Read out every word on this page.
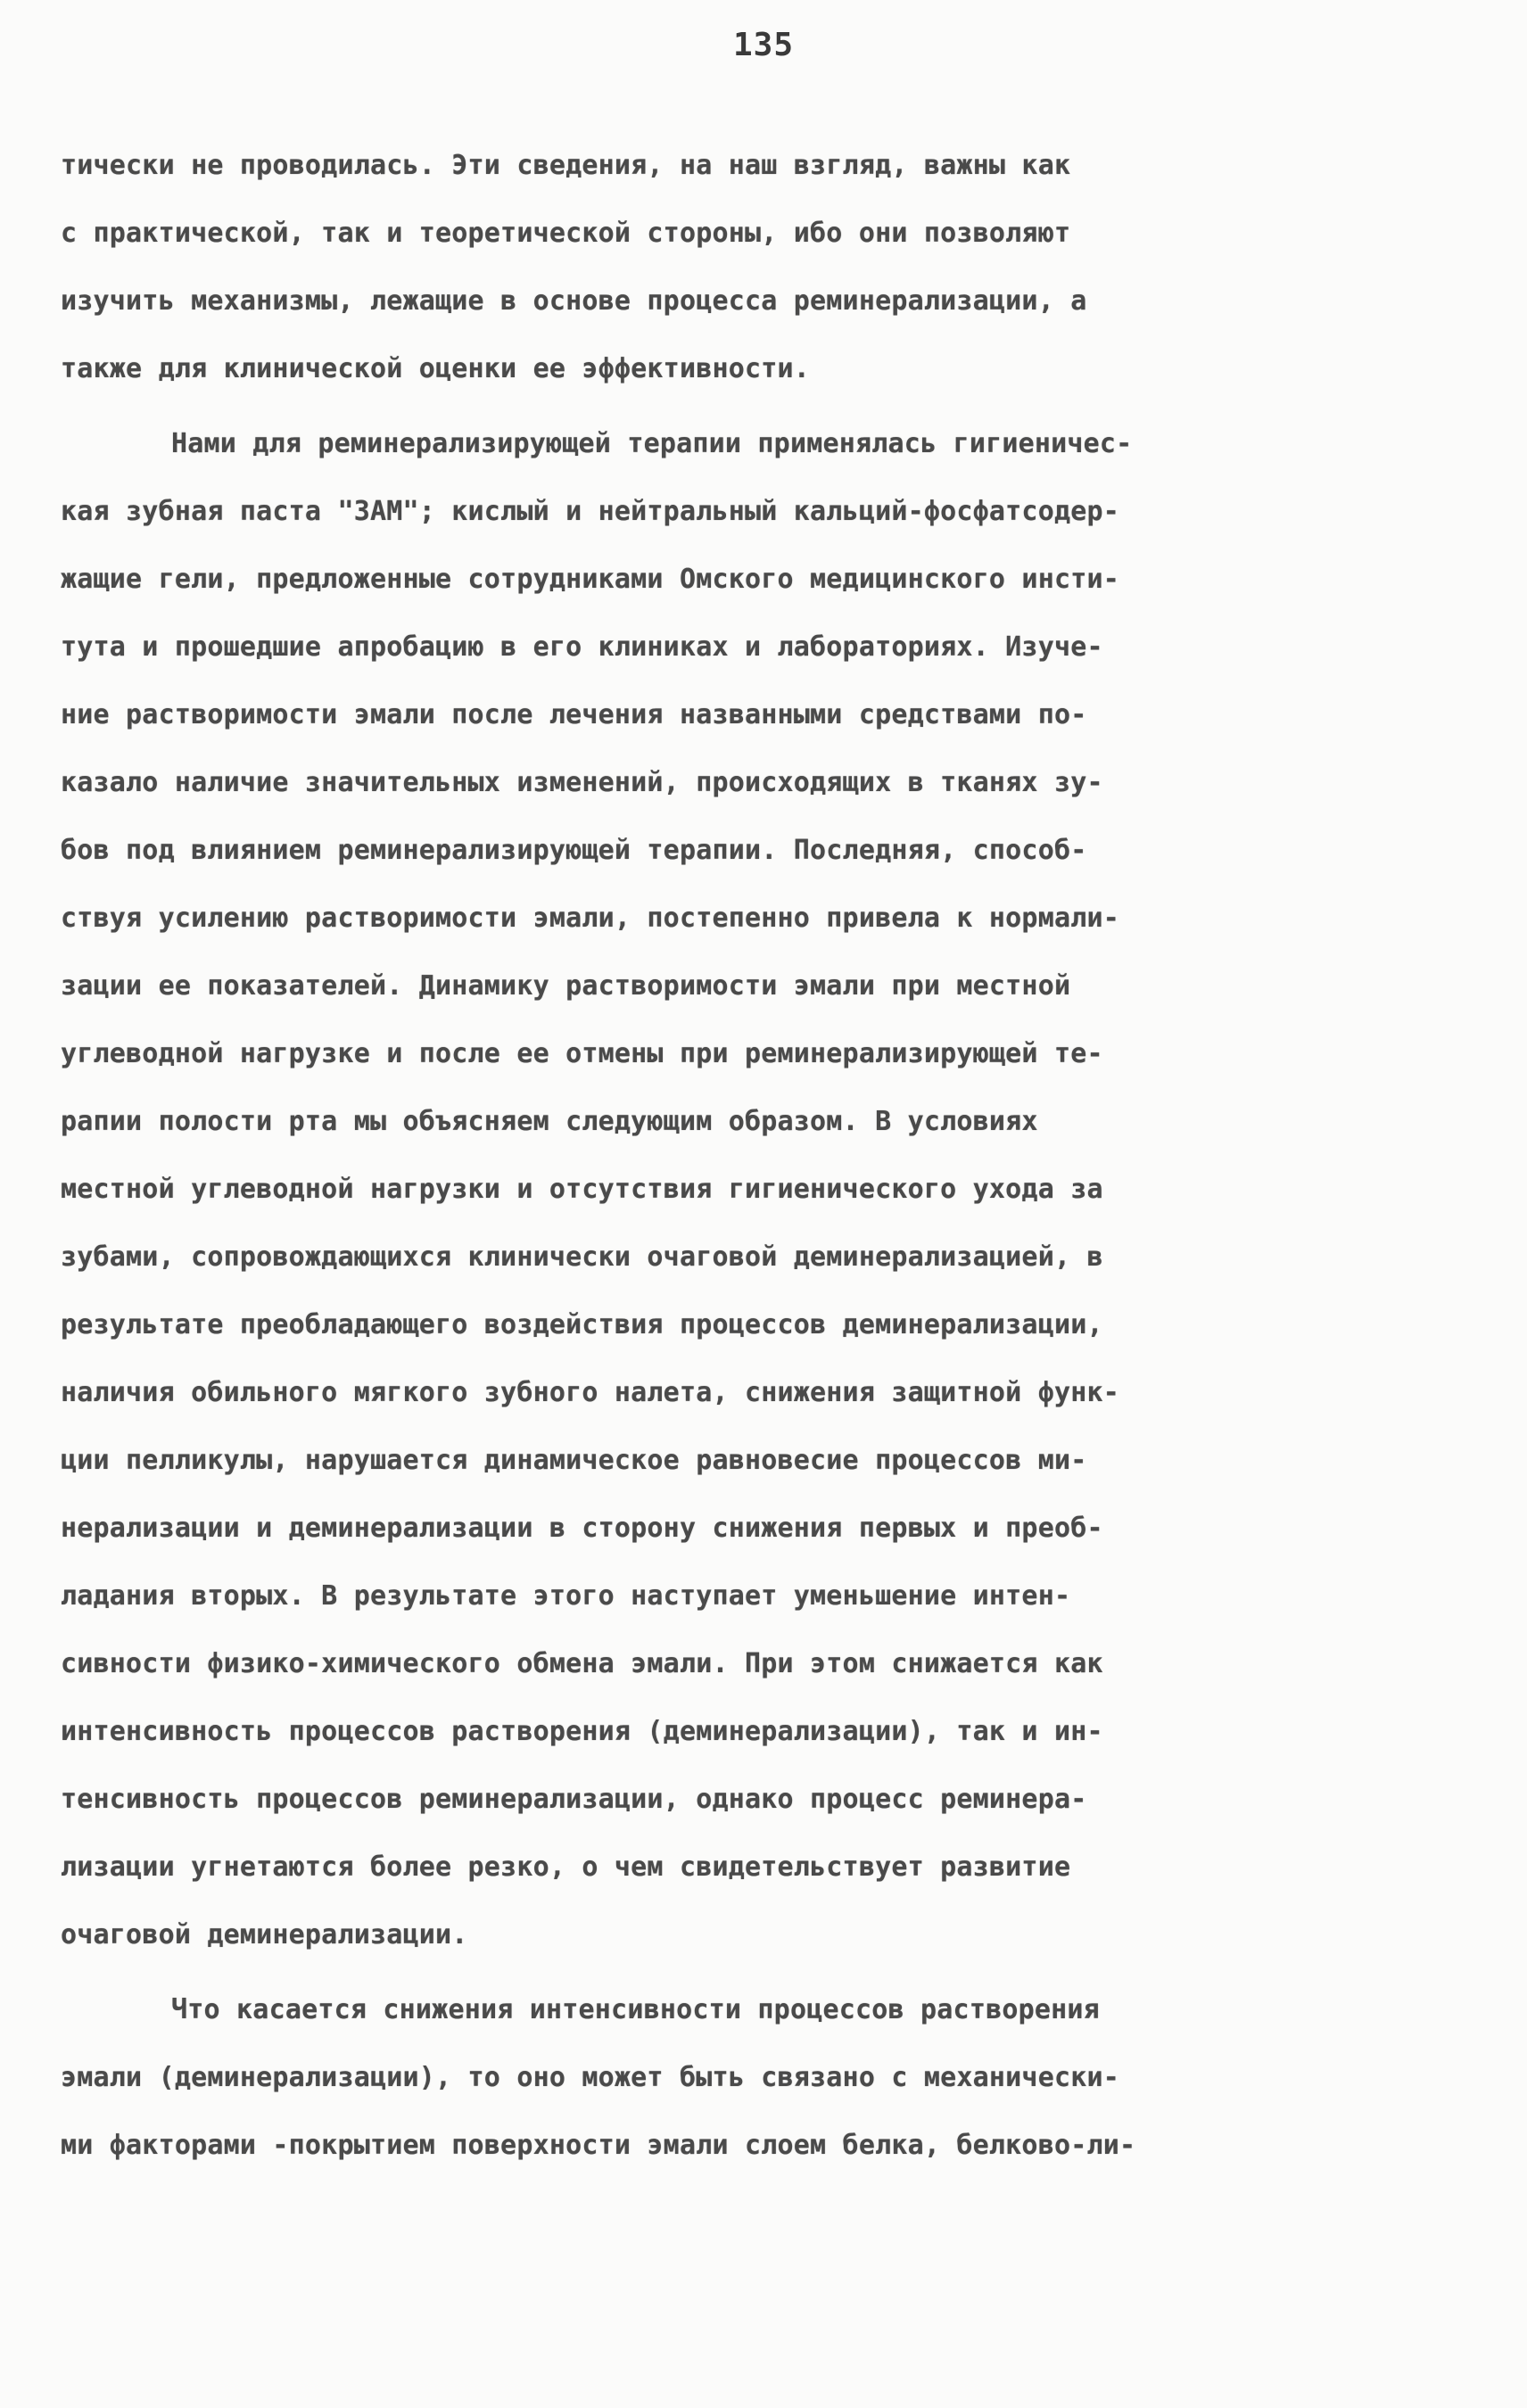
135
тически не проводилась. Эти сведения, на наш взгляд, важны как
с практической, так и теоретической стороны, ибо они позволяют
изучить механизмы, лежащие в основе процесса реминерализации, а
также для клинической оценки ее эффективности.
Нами для реминерализирующей терапии применялась гигиеничес-
кая зубная паста "ЗАМ"; кислый и нейтральный кальций-фосфатсодер-
жащие гели, предложенные сотрудниками Омского медицинского инсти-
тута и прошедшие апробацию в его клиниках и лабораториях. Изуче-
ние растворимости эмали после лечения названными средствами по-
казало наличие значительных изменений, происходящих в тканях зу-
бов под влиянием реминерализирующей терапии. Последняя, способ-
ствуя усилению растворимости эмали, постепенно привела к нормали-
зации ее показателей. Динамику растворимости эмали при местной
углеводной нагрузке и после ее отмены при реминерализирующей те-
рапии полости рта мы объясняем следующим образом. В условиях
местной углеводной нагрузки и отсутствия гигиенического ухода за
зубами, сопровождающихся клинически очаговой деминерализацией, в
результате преобладающего воздействия процессов деминерализации,
наличия обильного мягкого зубного налета, снижения защитной функ-
ции пелликулы, нарушается динамическое равновесие процессов ми-
нерализации и деминерализации в сторону снижения первых и преоб-
ладания вторых. В результате этого наступает уменьшение интен-
сивности физико-химического обмена эмали. При этом снижается как
интенсивность процессов растворения (деминерализации), так и ин-
тенсивность процессов реминерализации, однако процесс реминера-
лизации угнетаются более резко, о чем свидетельствует развитие
очаговой деминерализации.
Что касается снижения интенсивности процессов растворения
эмали (деминерализации), то оно может быть связано с механически-
ми факторами -покрытием поверхности эмали слоем белка, белково-ли-
